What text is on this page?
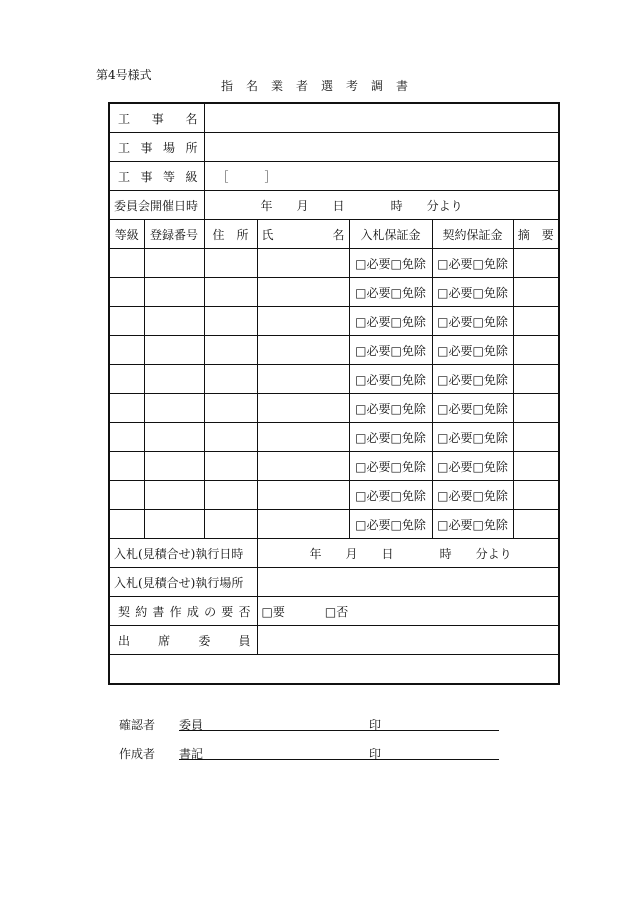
第4号様式
指名業者選考調書
工　事　名						
工事場所						
工事等級		［　　　］				
委員会開催日時		年 月 日 時 分より				
等級	登録番号	住　所	氏 名	入札保証金	契約保証金	摘　要
				□必要□免除	□必要□免除	
				□必要□免除	□必要□免除	
				□必要□免除	□必要□免除	
				□必要□免除	□必要□免除	
				□必要□免除	□必要□免除	
				□必要□免除	□必要□免除	
				□必要□免除	□必要□免除	
				□必要□免除	□必要□免除	
				□必要□免除	□必要□免除	
				□必要□免除	□必要□免除	
入札(見積合せ)執行日時			年 月 日 時 分より			
入札(見積合せ)執行場所						
契約書作成の要否			□要 □否			
出　席　委　員						

確認者 委員	印
作成者 書記	印
